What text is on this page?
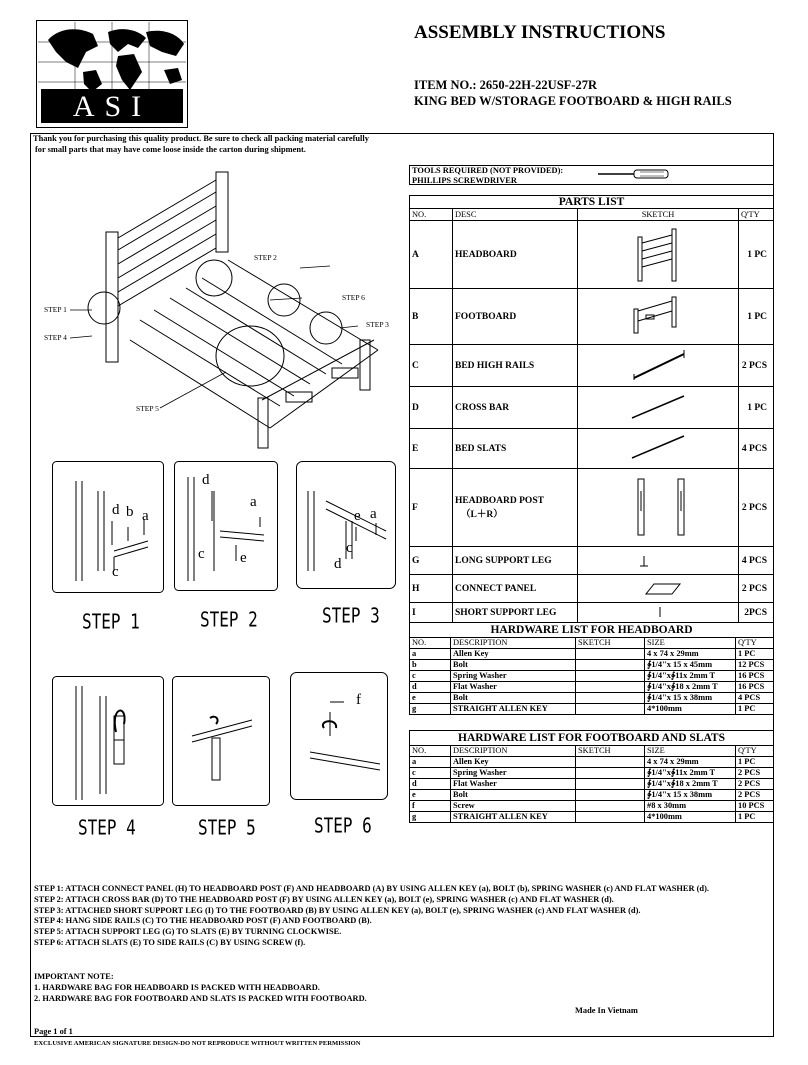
ASI
ASSEMBLY INSTRUCTIONS
ITEM NO.: 2650-22H-22USF-27R
KING BED W/STORAGE FOOTBOARD & HIGH RAILS
Thank you for purchasing this quality product. Be sure to check all packing material carefully
for small parts that may have come loose inside the carton during shipment.
TOOLS REQUIRED (NOT PROVIDED):
PHILLIPS SCREWDRIVER
PARTS LIST			
NO.	DESC	SKETCH	Q'TY
A	HEADBOARD		1 PC
B	FOOTBOARD		1 PC
C	BED HIGH RAILS		2 PCS
D	CROSS BAR		1 PC
E	BED SLATS		4 PCS
F	HEADBOARD POST
（L＋R）		2 PCS
G	LONG SUPPORT LEG		4 PCS
H	CONNECT PANEL		2 PCS
I	SHORT SUPPORT LEG		2PCS
HARDWARE LIST FOR HEADBOARD				
NO.	DESCRIPTION	SKETCH	SIZE	Q'TY
a	Allen Key		4 x 74 x 29mm	1 PC
b	Bolt		∳1/4"x 15 x 45mm	12 PCS
c	Spring Washer		∳1/4"x∳11x 2mm T	16 PCS
d	Flat Washer		∳1/4"x∳18 x 2mm T	16 PCS
e	Bolt		∳1/4"x 15 x 38mm	4 PCS
g	STRAIGHT ALLEN KEY		4*100mm	1 PC
HARDWARE LIST FOR FOOTBOARD AND SLATS				
NO.	DESCRIPTION	SKETCH	SIZE	Q'TY
a	Allen Key		4 x 74 x 29mm	1 PC
c	Spring Washer		∳1/4"x∳11x 2mm T	2 PCS
d	Flat Washer		∳1/4"x∳18 x 2mm T	2 PCS
e	Bolt		∳1/4"x 15 x 38mm	2 PCS
f	Screw		#8 x 30mm	10 PCS
g	STRAIGHT ALLEN KEY		4*100mm	1 PC
STEP 1
STEP 2
STEP 3
STEP 4
STEP 5
STEP 6
d b a
c
d
a
c e
e a
d
c
f
STEP 1	STEP 2	STEP 3
STEP 4	STEP 5	STEP 6
STEP 1: ATTACH CONNECT PANEL (H) TO HEADBOARD POST (F) AND HEADBOARD (A) BY USING ALLEN KEY (a), BOLT (b), SPRING WASHER (c) AND FLAT WASHER (d).
STEP 2: ATTACH CROSS BAR (D) TO THE HEADBOARD POST (F) BY USING ALLEN KEY (a), BOLT (e), SPRING WASHER (c) AND FLAT WASHER (d).
STEP 3: ATTACHED SHORT SUPPORT LEG (I) TO THE FOOTBOARD (B) BY USING ALLEN KEY (a), BOLT (e), SPRING WASHER (c) AND FLAT WASHER (d).
STEP 4: HANG SIDE RAILS (C) TO THE HEADBOARD POST (F) AND FOOTBOARD (B).
STEP 5: ATTACH SUPPORT LEG (G) TO SLATS (E) BY TURNING CLOCKWISE.
STEP 6: ATTACH SLATS (E) TO SIDE RAILS (C) BY USING SCREW (f).
IMPORTANT NOTE:
1. HARDWARE BAG FOR HEADBOARD IS PACKED WITH HEADBOARD.
2. HARDWARE BAG FOR FOOTBOARD AND SLATS IS PACKED WITH FOOTBOARD.
Made In Vietnam
Page 1 of 1
EXCLUSIVE AMERICAN SIGNATURE DESIGN-DO NOT REPRODUCE WITHOUT WRITTEN PERMISSION
